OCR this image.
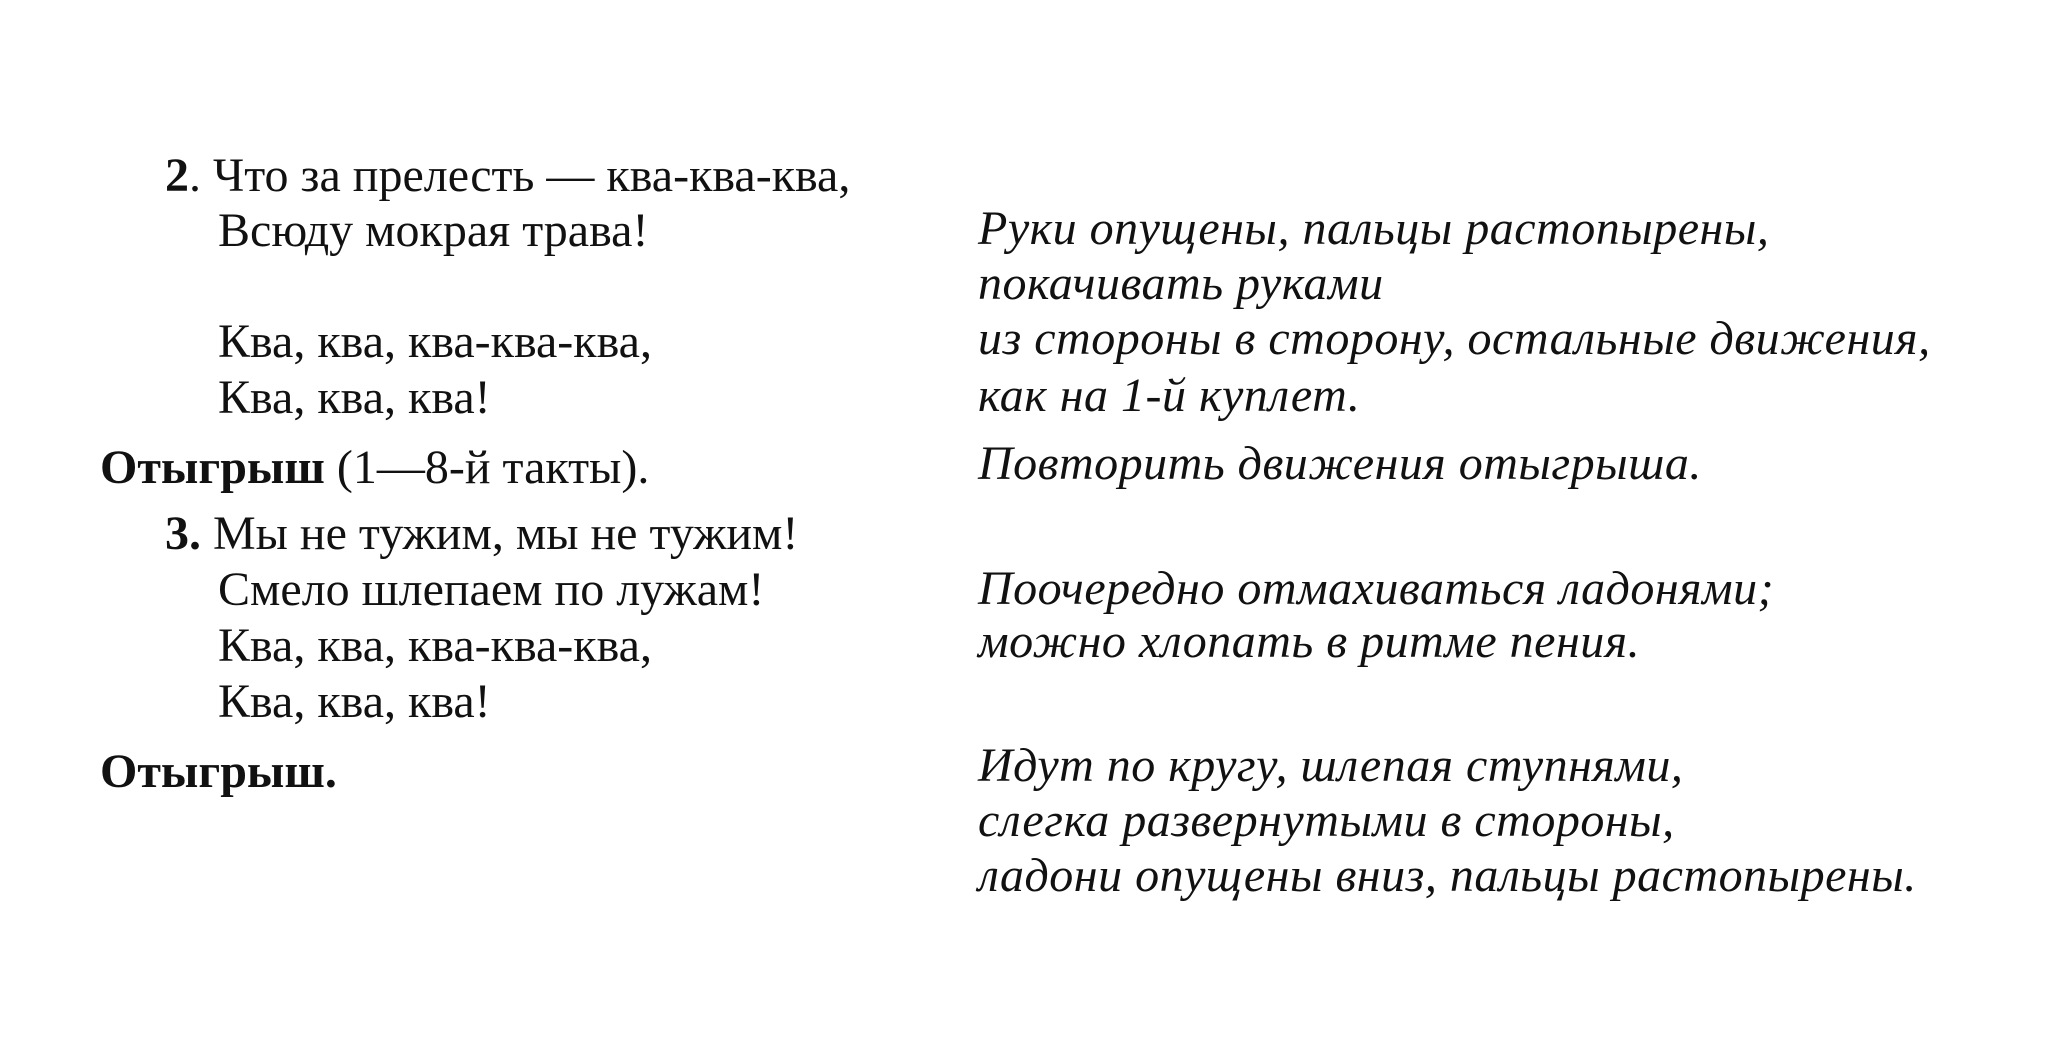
2. Что за прелесть — ква-ква-ква,
Всюду мокрая трава!
Ква, ква, ква-ква-ква,
Ква, ква, ква!
Отыгрыш (1—8-й такты).
3. Мы не тужим, мы не тужим!
Смело шлепаем по лужам!
Ква, ква, ква-ква-ква,
Ква, ква, ква!
Отыгрыш.
Руки опущены, пальцы растопырены,
покачивать руками
из стороны в сторону, остальные движения,
как на 1-й куплет.
Повторить движения отыгрыша.
Поочередно отмахиваться ладонями;
можно хлопать в ритме пения.
Идут по кругу, шлепая ступнями,
слегка развернутыми в стороны,
ладони опущены вниз, пальцы растопырены.
